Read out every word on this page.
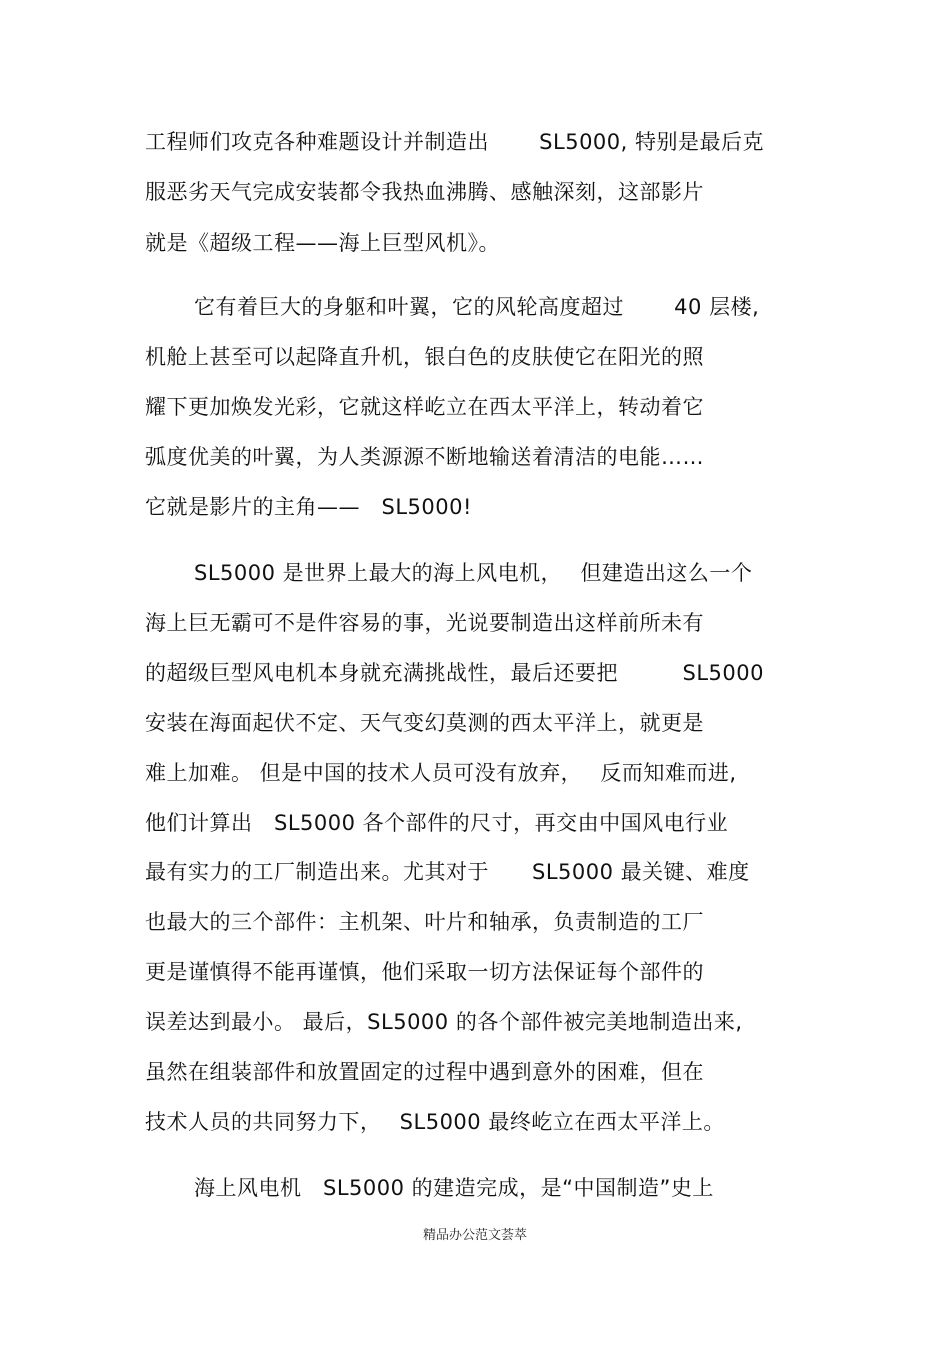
工程师们攻克各种难题设计并制造出　　 SL5000, 特别是最后克
服恶劣天气完成安装都令我热血沸腾、感触深刻，这部影片
就是《超级工程——海上巨型风机》。
它有着巨大的身躯和叶翼，它的风轮高度超过　　 40 层楼,
机舱上甚至可以起降直升机，银白色的皮肤使它在阳光的照
耀下更加焕发光彩，它就这样屹立在西太平洋上，转动着它
弧度优美的叶翼，为人类源源不断地输送着清洁的电能……
它就是影片的主角——　SL5000!
SL5000 是世界上最大的海上风电机，　 但建造出这么一个
海上巨无霸可不是件容易的事，光说要制造出这样前所未有
的超级巨型风电机本身就充满挑战性，最后还要把　　　SL5000
安装在海面起伏不定、天气变幻莫测的西太平洋上，就更是
难上加难。 但是中国的技术人员可没有放弃，　 反而知难而进,
他们计算出　SL5000 各个部件的尺寸，再交由中国风电行业
最有实力的工厂制造出来。尤其对于　　SL5000 最关键、难度
也最大的三个部件：主机架、叶片和轴承，负责制造的工厂
更是谨慎得不能再谨慎，他们采取一切方法保证每个部件的
误差达到最小。 最后，SL5000 的各个部件被完美地制造出来,
虽然在组装部件和放置固定的过程中遇到意外的困难，但在
技术人员的共同努力下，　 SL5000 最终屹立在西太平洋上。
海上风电机　SL5000 的建造完成，是“中国制造”史上
精品办公范文荟萃
